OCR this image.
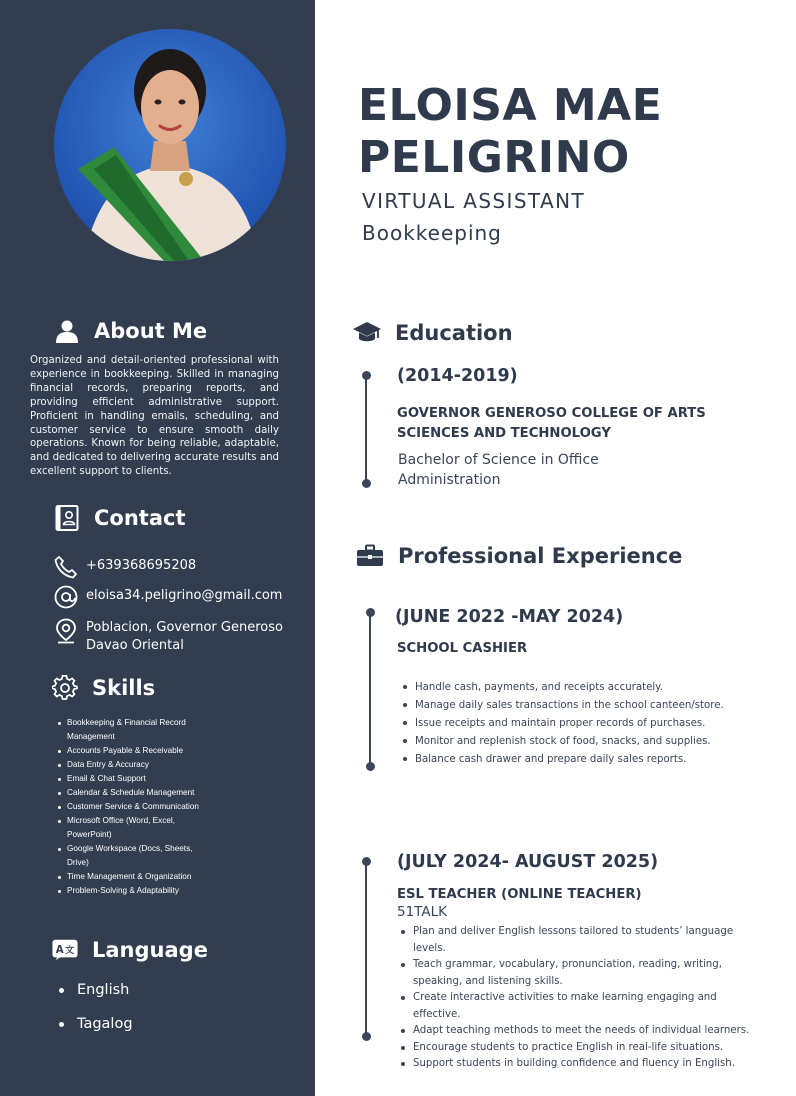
About Me

Organized and detail-oriented professional with experience in bookkeeping. Skilled in managing financial records, preparing reports, and providing efficient administrative support. Proficient in handling emails, scheduling, and customer service to ensure smooth daily operations. Known for being reliable, adaptable, and dedicated to delivering accurate results and excellent support to clients.

Contact
+639368695208
eloisa34.peligrino@gmail.com
Poblacion, Governor Generoso
Davao Oriental
Skills
Bookkeeping & Financial Record Management
Accounts Payable & Receivable
Data Entry & Accuracy
Email & Chat Support
Calendar & Schedule Management
Customer Service & Communication
Microsoft Office (Word, Excel, PowerPoint)
Google Workspace (Docs, Sheets, Drive)
Time Management & Organization
Problem-Solving & Adaptability
A 文 Language
English
Tagalog
ELOISA MAE
PELIGRINO
VIRTUAL ASSISTANT
Bookkeeping
Education
(2014-2019)
GOVERNOR GENEROSO COLLEGE OF ARTS
SCIENCES AND TECHNOLOGY
Bachelor of Science in Office
Administration
Professional Experience
(JUNE 2022 -MAY 2024)
SCHOOL CASHIER
Handle cash, payments, and receipts accurately.
Manage daily sales transactions in the school canteen/store.
Issue receipts and maintain proper records of purchases.
Monitor and replenish stock of food, snacks, and supplies.
Balance cash drawer and prepare daily sales reports.
(JULY 2024- AUGUST 2025)
ESL TEACHER (ONLINE TEACHER)
51TALK
Plan and deliver English lessons tailored to students’ language levels.
Teach grammar, vocabulary, pronunciation, reading, writing, speaking, and listening skills.
Create interactive activities to make learning engaging and effective.
Adapt teaching methods to meet the needs of individual learners.
Encourage students to practice English in real-life situations.
Support students in building confidence and fluency in English.
